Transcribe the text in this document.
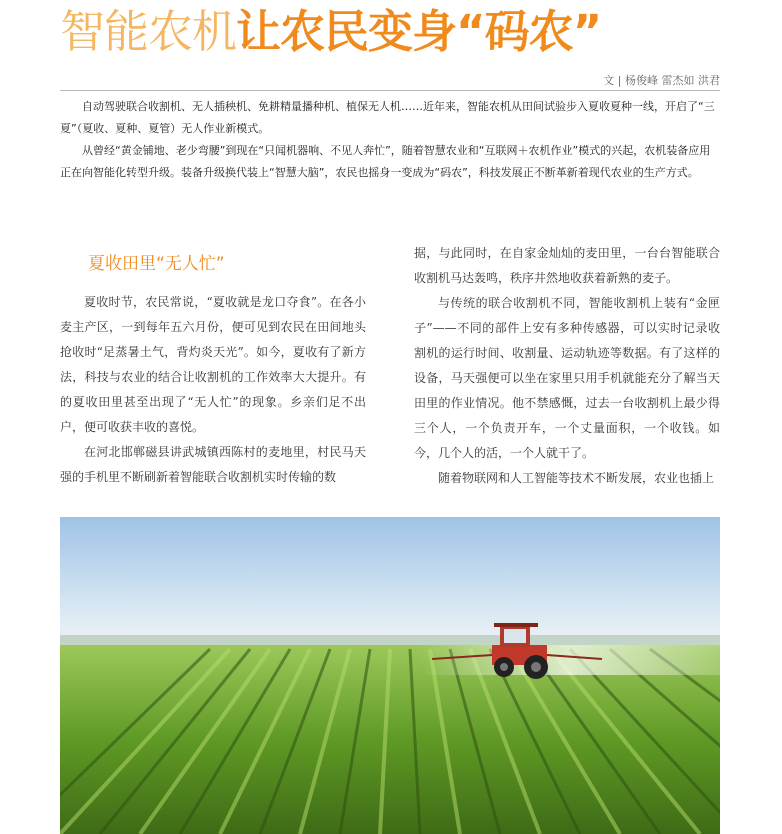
智能农机让农民变身“码农”
文 | 杨俊峰 雷杰如 洪君

自动驾驶联合收割机、无人插秧机、免耕精量播种机、植保无人机……近年来，智能农机从田间试验步入夏收夏种一线，开启了“三夏”（夏收、夏种、夏管）无人作业新模式。

从曾经“黄金铺地、老少弯腰”到现在“只闻机器响、不见人奔忙”，随着智慧农业和“互联网＋农机作业”模式的兴起，农机装备应用正在向智能化转型升级。装备升级换代装上“智慧大脑”，农民也摇身一变成为“码农”，科技发展正不断革新着现代农业的生产方式。

夏收田里“无人忙”

夏收时节，农民常说，“夏收就是龙口夺食”。在各小麦主产区，一到每年五六月份，便可见到农民在田间地头抢收时“足蒸暑土气，背灼炎天光”。如今，夏收有了新方法，科技与农业的结合让收割机的工作效率大大提升。有的夏收田里甚至出现了“无人忙”的现象。乡亲们足不出户，便可收获丰收的喜悦。

在河北邯郸磁县讲武城镇西陈村的麦地里，村民马天强的手机里不断刷新着智能联合收割机实时传输的数

据，与此同时，在自家金灿灿的麦田里，一台台智能联合收割机马达轰鸣，秩序井然地收获着新熟的麦子。

与传统的联合收割机不同，智能收割机上装有“金匣子”——不同的部件上安有多种传感器，可以实时记录收割机的运行时间、收割量、运动轨迹等数据。有了这样的设备，马天强便可以坐在家里只用手机就能充分了解当天田里的作业情况。他不禁感慨，过去一台收割机上最少得三个人，一个负责开车，一个丈量面积，一个收钱。如今，几个人的活，一个人就干了。

随着物联网和人工智能等技术不断发展，农业也插上
